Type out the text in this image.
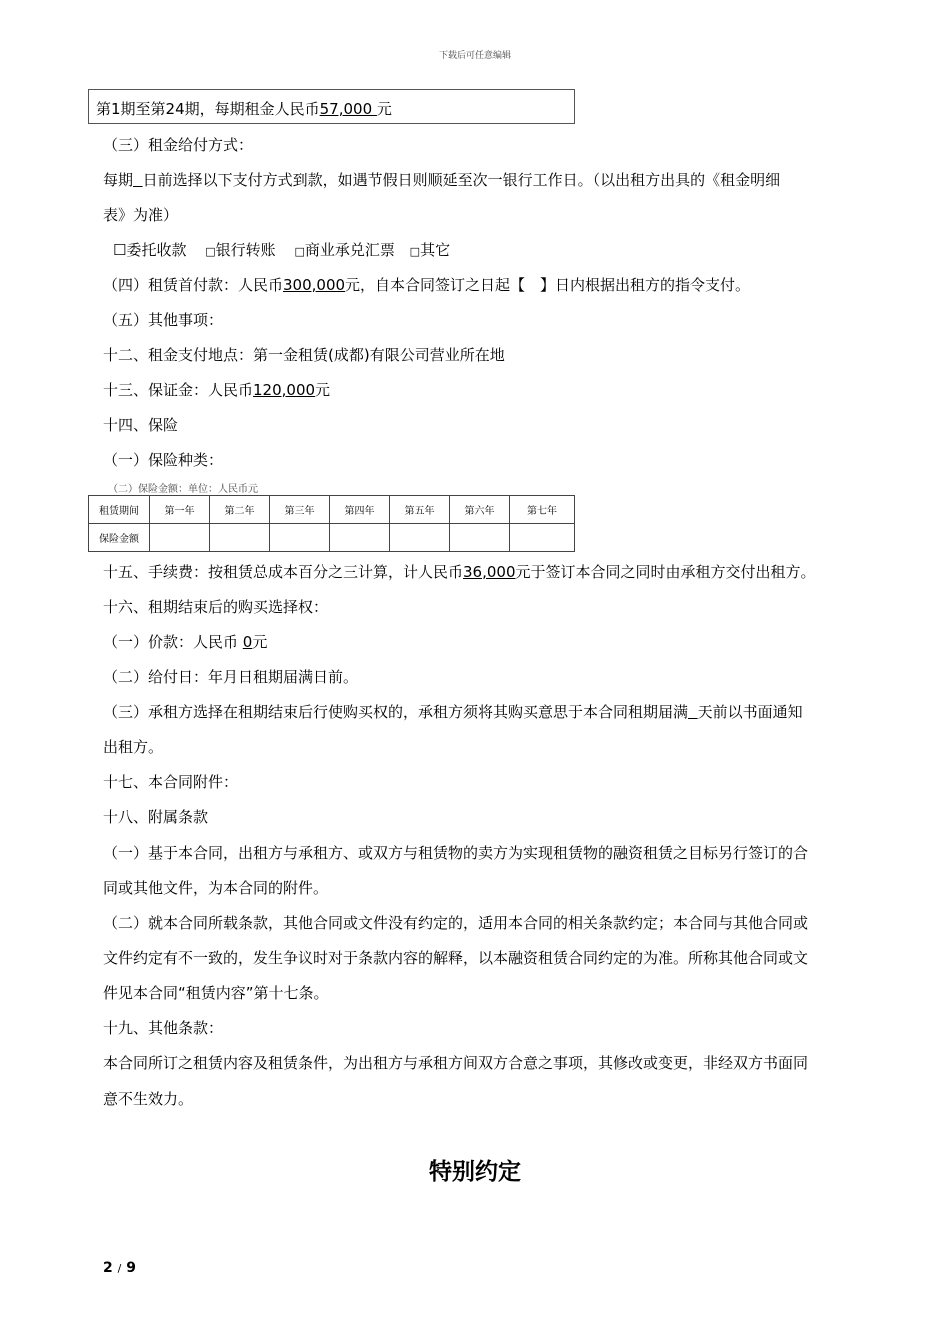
下载后可任意编辑
第1期至第24期，每期租金人民币57,000 元
（三）租金给付方式：
每期 日前选择以下支付方式到款，如遇节假日则顺延至次一银行工作日。（以出租方出具的《租金明细
表》为准）
☐委托收款 □银行转账 □商业承兑汇票 □其它
（四）租赁首付款：人民币300,000元，自本合同签订之日起【　】日内根据出租方的指令支付。
（五）其他事项：
十二、租金支付地点：第一金租赁(成都)有限公司营业所在地
十三、保证金：人民币120,000元
十四、保险
（一）保险种类：
（二）保险金额：单位：人民币元
租赁期间	第一年	第二年	第三年	第四年	第五年	第六年	第七年
保险金额							
十五、手续费：按租赁总成本百分之三计算，计人民币36,000元于签订本合同之同时由承租方交付出租方。
十六、租期结束后的购买选择权：
（一）价款：人民币 0元
（二）给付日：年月日租期届满日前。
（三）承租方选择在租期结束后行使购买权的，承租方须将其购买意思于本合同租期届满 天前以书面通知
出租方。
十七、本合同附件：
十八、附属条款
（一）基于本合同，出租方与承租方、或双方与租赁物的卖方为实现租赁物的融资租赁之目标另行签订的合
同或其他文件，为本合同的附件。
（二）就本合同所载条款，其他合同或文件没有约定的，适用本合同的相关条款约定；本合同与其他合同或
文件约定有不一致的，发生争议时对于条款内容的解释，以本融资租赁合同约定的为准。所称其他合同或文
件见本合同“租赁内容”第十七条。
十九、其他条款：
本合同所订之租赁内容及租赁条件，为出租方与承租方间双方合意之事项，其修改或变更，非经双方书面同
意不生效力。
特别约定
2 / 9
